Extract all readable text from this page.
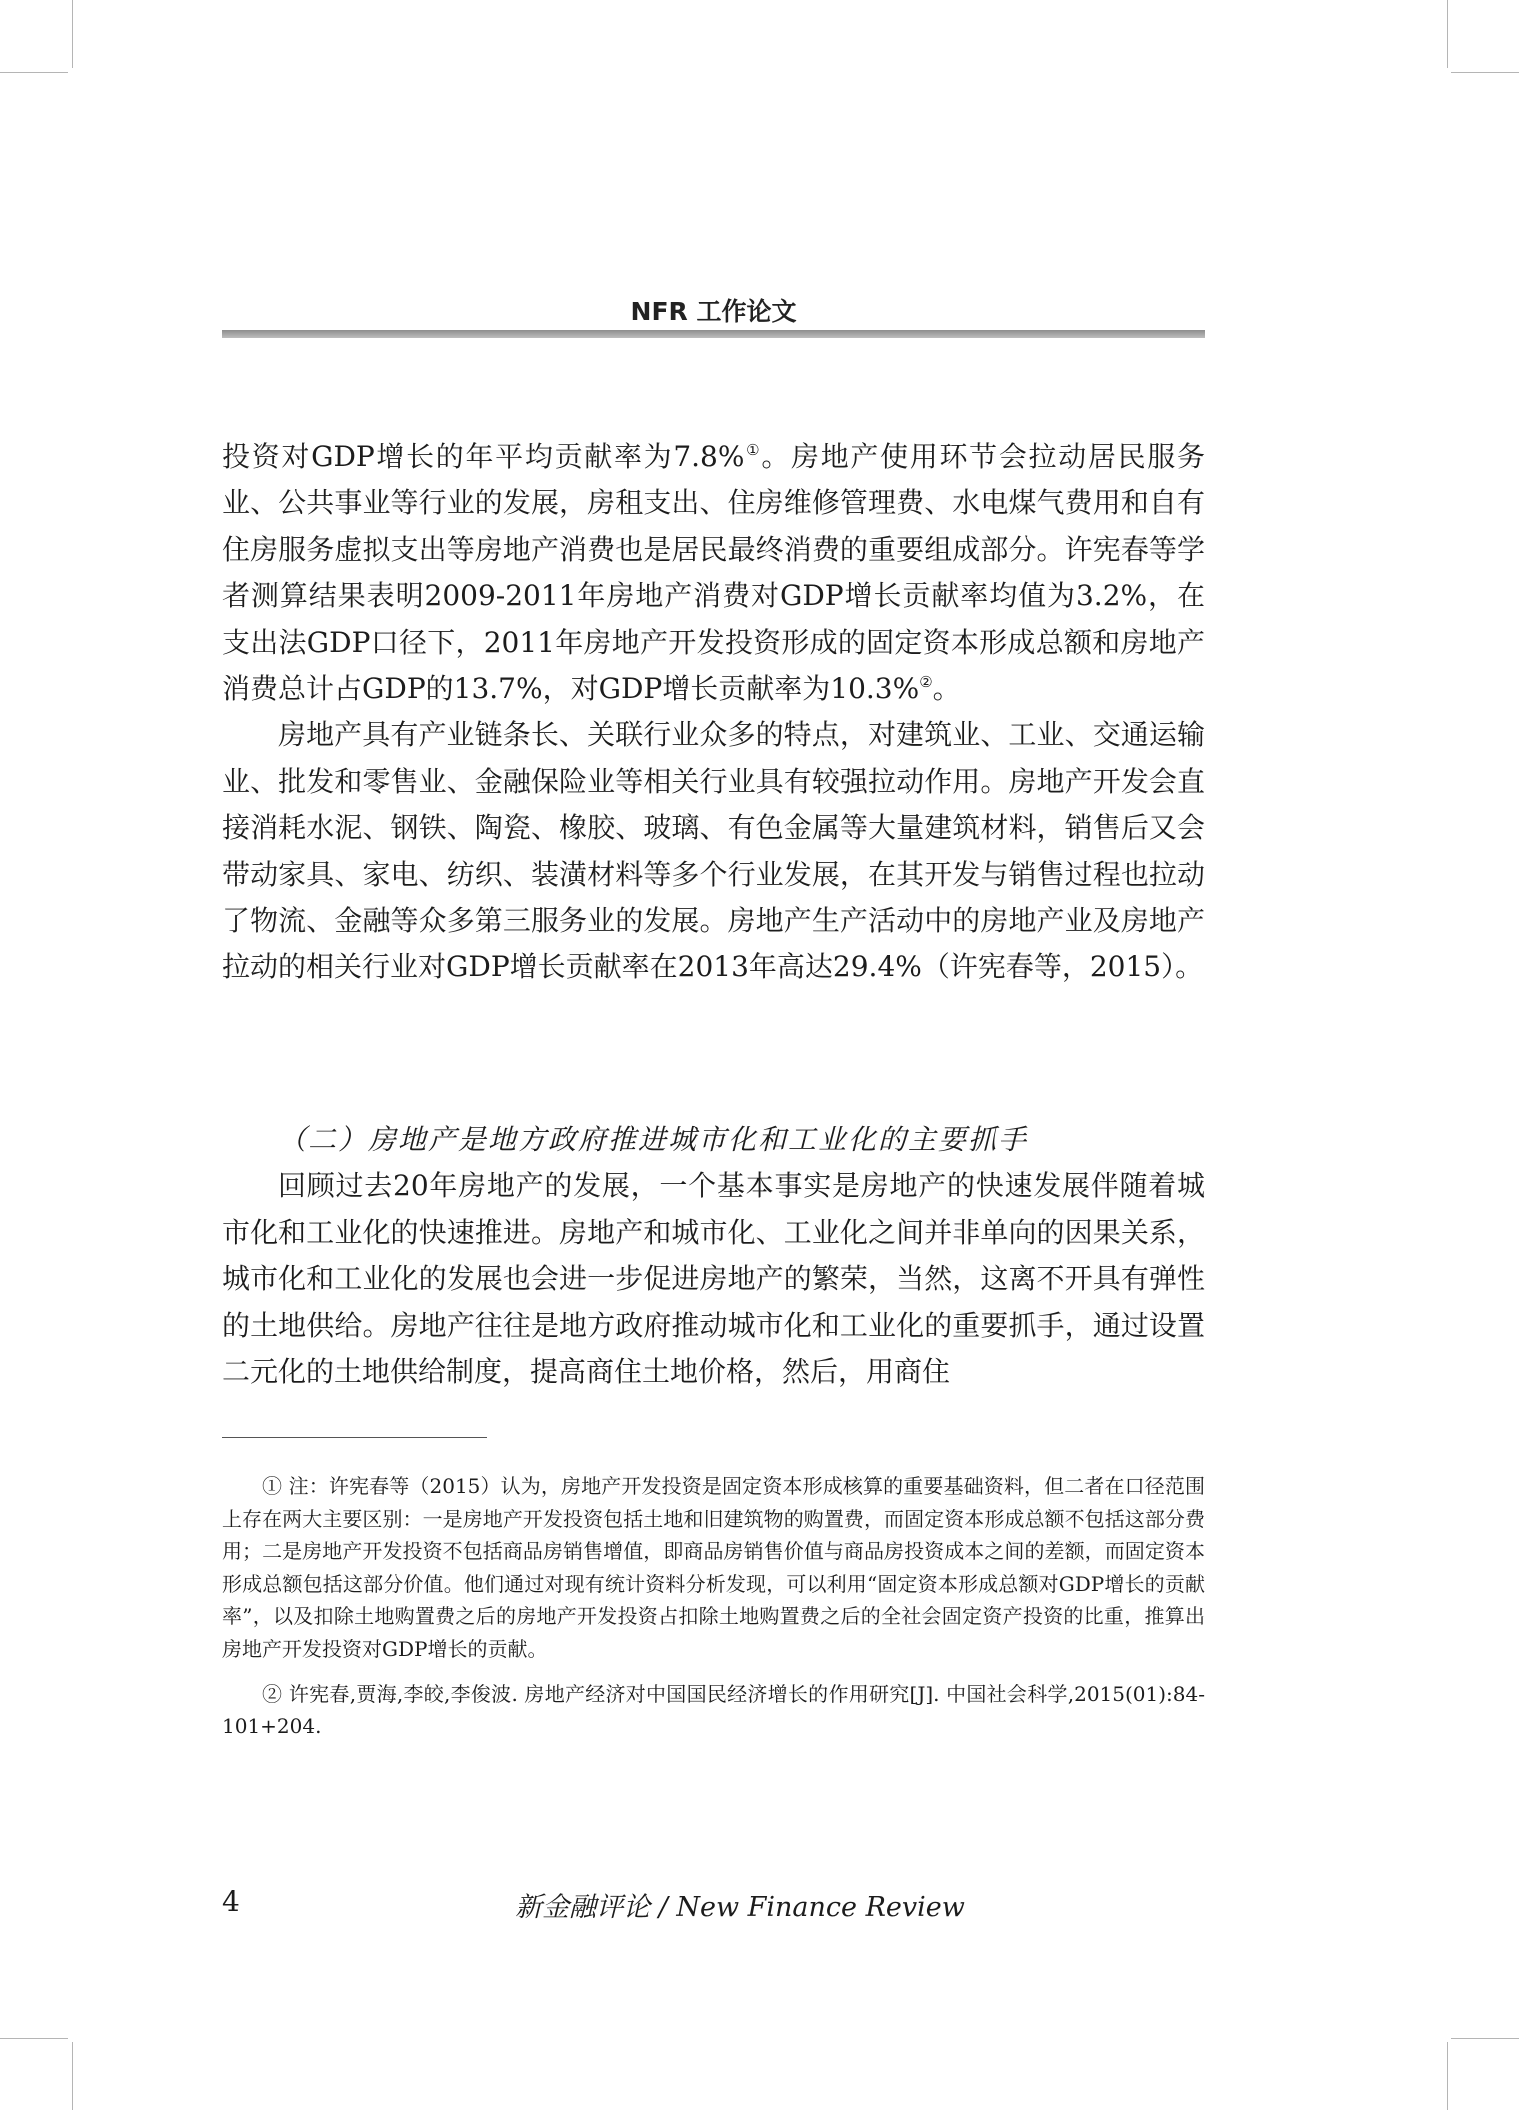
NFR 工作论文

投资对GDP增长的年平均贡献率为7.8%①。房地产使用环节会拉动居民服务业、公共事业等行业的发展，房租支出、住房维修管理费、水电煤气费用和自有住房服务虚拟支出等房地产消费也是居民最终消费的重要组成部分。许宪春等学者测算结果表明2009-2011年房地产消费对GDP增长贡献率均值为3.2%，在支出法GDP口径下，2011年房地产开发投资形成的固定资本形成总额和房地产消费总计占GDP的13.7%，对GDP增长贡献率为10.3%②。

房地产具有产业链条长、关联行业众多的特点，对建筑业、工业、交通运输业、批发和零售业、金融保险业等相关行业具有较强拉动作用。房地产开发会直接消耗水泥、钢铁、陶瓷、橡胶、玻璃、有色金属等大量建筑材料，销售后又会带动家具、家电、纺织、装潢材料等多个行业发展，在其开发与销售过程也拉动了物流、金融等众多第三服务业的发展。房地产生产活动中的房地产业及房地产拉动的相关行业对GDP增长贡献率在2013年高达29.4%（许宪春等，2015）。

（二）房地产是地方政府推进城市化和工业化的主要抓手

回顾过去20年房地产的发展，一个基本事实是房地产的快速发展伴随着城市化和工业化的快速推进。房地产和城市化、工业化之间并非单向的因果关系，城市化和工业化的发展也会进一步促进房地产的繁荣，当然，这离不开具有弹性的土地供给。房地产往往是地方政府推动城市化和工业化的重要抓手，通过设置二元化的土地供给制度，提高商住土地价格，然后，用商住

① 注：许宪春等（2015）认为，房地产开发投资是固定资本形成核算的重要基础资料，但二者在口径范围上存在两大主要区别：一是房地产开发投资包括土地和旧建筑物的购置费，而固定资本形成总额不包括这部分费用；二是房地产开发投资不包括商品房销售增值，即商品房销售价值与商品房投资成本之间的差额，而固定资本形成总额包括这部分价值。他们通过对现有统计资料分析发现，可以利用“固定资本形成总额对GDP增长的贡献率”，以及扣除土地购置费之后的房地产开发投资占扣除土地购置费之后的全社会固定资产投资的比重，推算出房地产开发投资对GDP增长的贡献。

② 许宪春,贾海,李皎,李俊波. 房地产经济对中国国民经济增长的作用研究[J]. 中国社会科学,2015(01):84-101+204.

4	新金融评论 / New Finance Review
